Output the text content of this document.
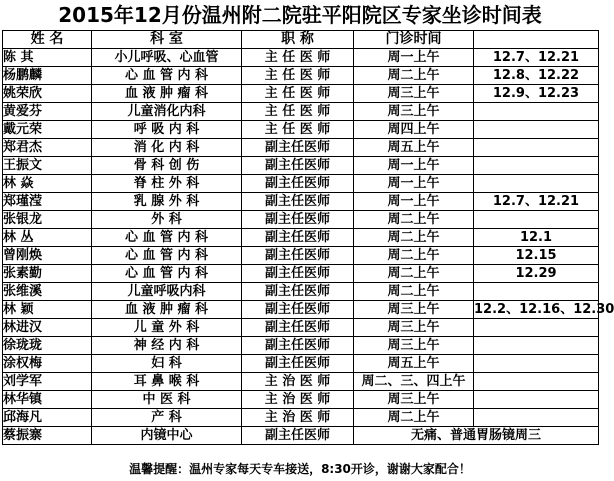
2015年12月份温州附二院驻平阳院区专家坐诊时间表
姓 名	科 室	职 称	门诊时间	
陈 其	小儿呼吸、心血管	主 任 医 师	周一上午	12.7、12.21
杨鹏麟	心 血 管 内 科	主 任 医 师	周二上午	12.8、12.22
姚荣欣	血 液 肿 瘤 科	主 任 医 师	周三上午	12.9、12.23
黄爱芬	儿童消化内科	主 任 医 师	周三上午	
戴元荣	呼 吸 内 科	主 任 医 师	周四上午	
郑君杰	消 化 内 科	副主任医师	周五上午	
王振文	骨 科 创 伤	副主任医师	周一上午	
林 焱	脊 柱 外 科	副主任医师	周一上午	
郑瑾滢	乳 腺 外 科	副主任医师	周一上午	12.7、12.21
张银龙	外 科	副主任医师	周二上午	
林 丛	心 血 管 内 科	副主任医师	周二上午	12.1
曾刚焕	心 血 管 内 科	副主任医师	周二上午	12.15
张素勤	心 血 管 内 科	副主任医师	周二上午	12.29
张维溪	儿童呼吸内科	副主任医师	周二上午	
林 颖	血 液 肿 瘤 科	副主任医师	周三上午	12.2、12.16、12.30
林进汉	儿 童 外 科	副主任医师	周三上午	
徐珑珑	神 经 内 科	副主任医师	周三上午	
涂权梅	妇 科	副主任医师	周五上午	
刘学军	耳 鼻 喉 科	主 治 医 师	周二、三、四上午	
林华镇	中 医 科	主 治 医 师	周三上午	
邱海凡	产 科	主 治 医 师	周二上午	
蔡振寨	内镜中心	副主任医师	无痛、普通胃肠镜周三	
温馨提醒：温州专家每天专车接送，8:30开诊，谢谢大家配合！
